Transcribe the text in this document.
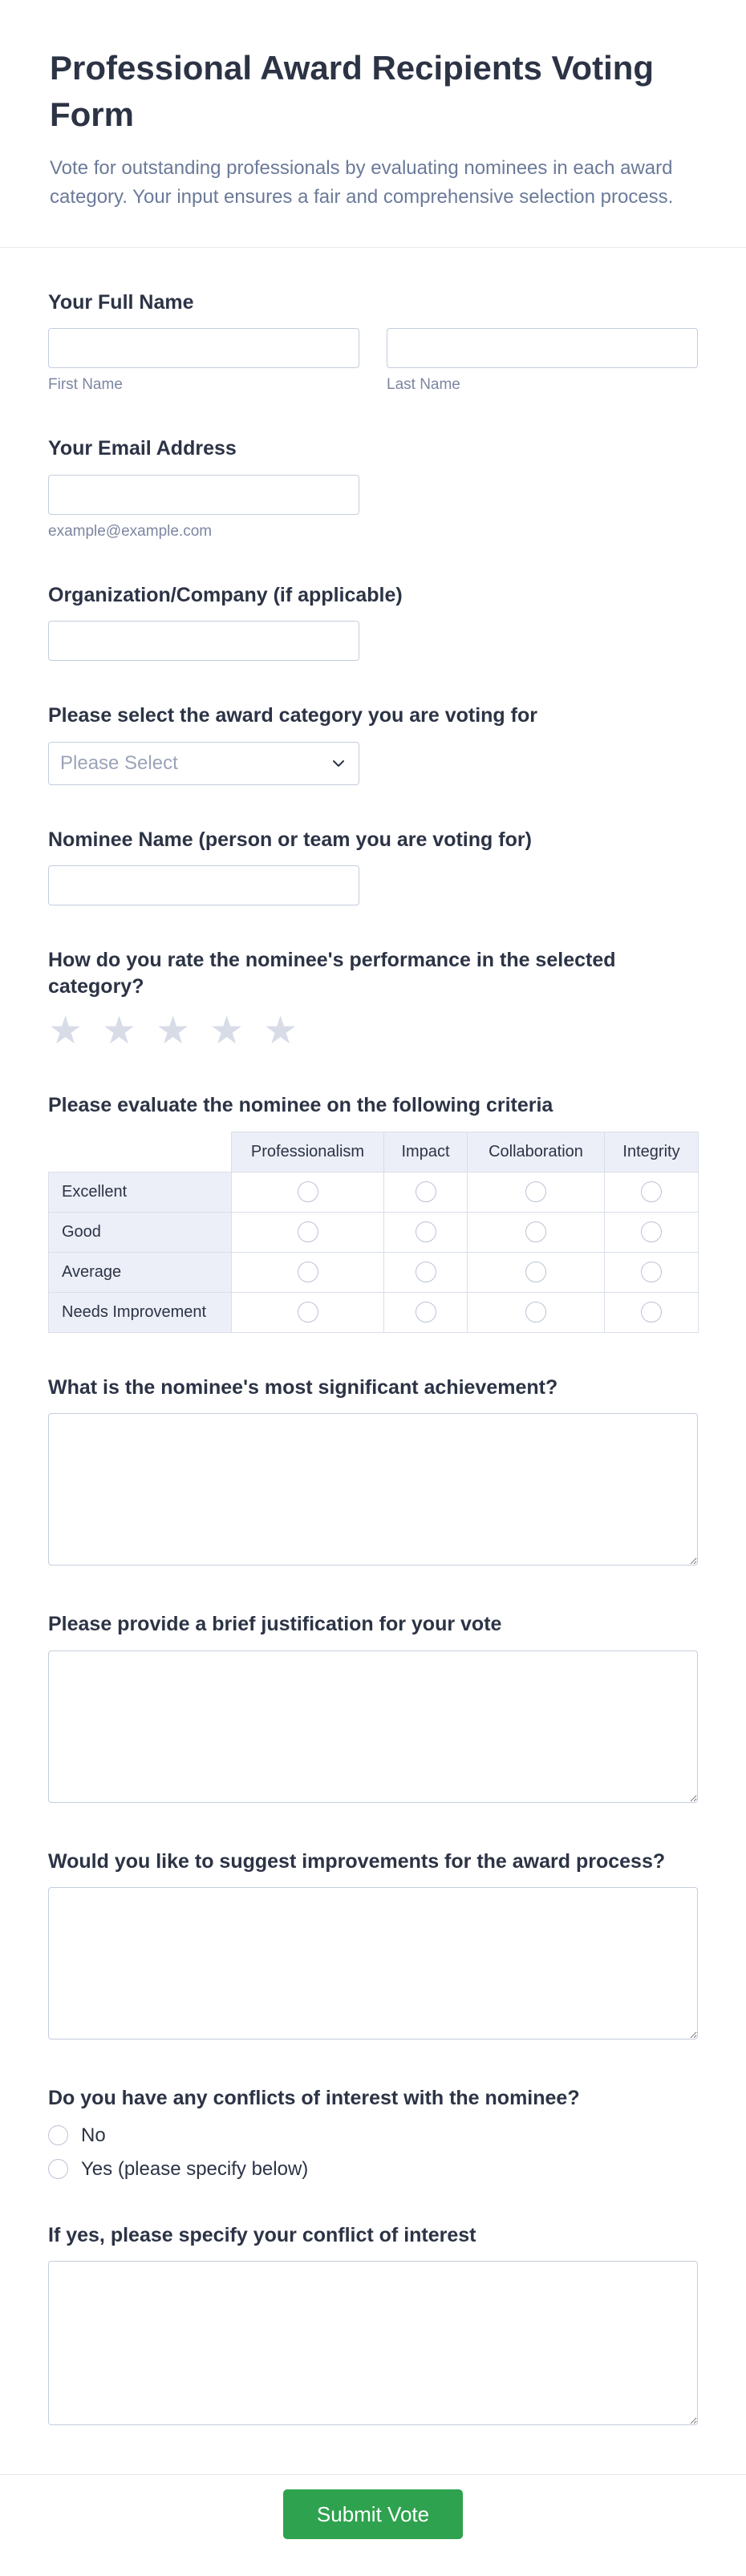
Professional Award Recipients Voting Form

Vote for outstanding professionals by evaluating nominees in each award category. Your input ensures a fair and comprehensive selection process.

Your Full Name
First Name	Last Name
Your Email Address
example@example.com
Organization/Company (if applicable)
Please select the award category you are voting for
Please Select
Nominee Name (person or team you are voting for)
How do you rate the nominee's performance in the selected category?
★ ★ ★ ★ ★
Please evaluate the nominee on the following criteria
	Professionalism	Impact	Collaboration	Integrity
Excellent				
Good				
Average				
Needs Improvement				
What is the nominee's most significant achievement?
Please provide a brief justification for your vote
Would you like to suggest improvements for the award process?
Do you have any conflicts of interest with the nominee?
No
Yes (please specify below)
If yes, please specify your conflict of interest
Submit Vote
